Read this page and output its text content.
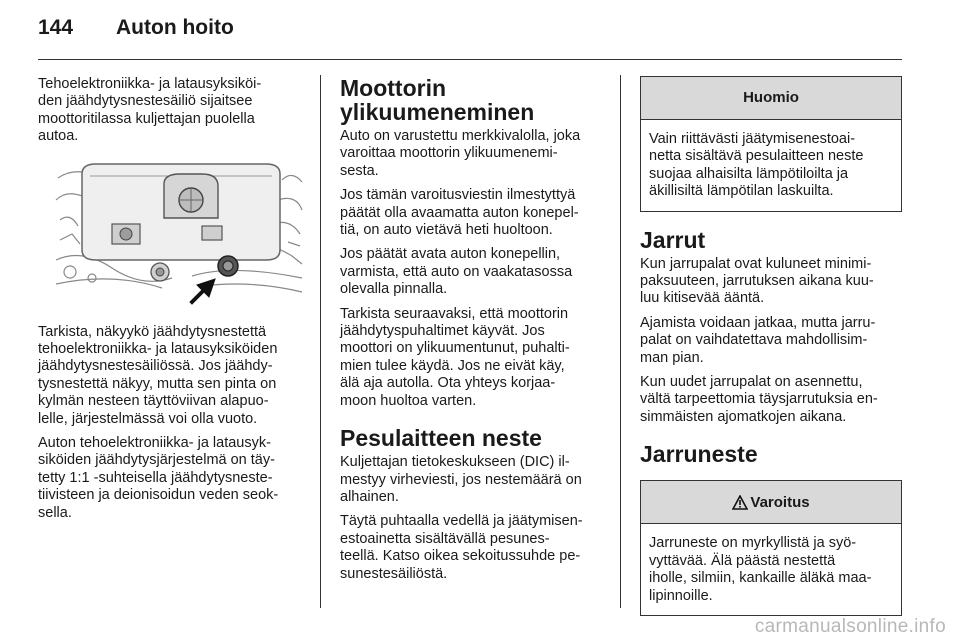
144 Auton hoito

Tehoelektroniikka- ja latausyksiköi-
den jäähdytysnestesäiliö sijaitsee
moottoritilassa kuljettajan puolella
autoa.

Tarkista, näkyykö jäähdytysnestettä
tehoelektroniikka- ja latausyksiköiden
jäähdytysnestesäiliössä. Jos jäähdy-
tysnestettä näkyy, mutta sen pinta on
kylmän nesteen täyttöviivan alapuo-
lelle, järjestelmässä voi olla vuoto.

Auton tehoelektroniikka- ja latausyk-
siköiden jäähdytysjärjestelmä on täy-
tetty 1:1 -suhteisella jäähdytysneste-
tiivisteen ja deionisoidun veden seok-
sella.

Moottorin
ylikuumeneminen

Auto on varustettu merkkivalolla, joka
varoittaa moottorin ylikuumenemi-
sesta.

Jos tämän varoitusviestin ilmestyttyä
päätät olla avaamatta auton konepel-
tiä, on auto vietävä heti huoltoon.

Jos päätät avata auton konepellin,
varmista, että auto on vaakatasossa
olevalla pinnalla.

Tarkista seuraavaksi, että moottorin
jäähdytyspuhaltimet käyvät. Jos
moottori on ylikuumentunut, puhalti-
mien tulee käydä. Jos ne eivät käy,
älä aja autolla. Ota yhteys korjaa-
moon huoltoa varten.

Pesulaitteen neste

Kuljettajan tietokeskukseen (DIC) il-
mestyy virheviesti, jos nestemäärä on
alhainen.

Täytä puhtaalla vedellä ja jäätymisen-
estoainetta sisältävällä pesunes-
teellä. Katso oikea sekoitussuhde pe-
sunestesäiliöstä.

Huomio
Vain riittävästi jäätymisenestoai-
netta sisältävä pesulaitteen neste
suojaa alhaisilta lämpötiloilta ja
äkillisiltä lämpötilan laskuilta.
Jarrut

Kun jarrupalat ovat kuluneet minimi-
paksuuteen, jarrutuksen aikana kuu-
luu kitisevää ääntä.

Ajamista voidaan jatkaa, mutta jarru-
palat on vaihdatettava mahdollisim-
man pian.

Kun uudet jarrupalat on asennettu,
vältä tarpeettomia täysjarrutuksia en-
simmäisten ajomatkojen aikana.

Jarruneste
Varoitus
Jarruneste on myrkyllistä ja syö-
vyttävää. Älä päästä nestettä
iholle, silmiin, kankaille äläkä maa-
lipinnoille.
carmanualsonline.info
